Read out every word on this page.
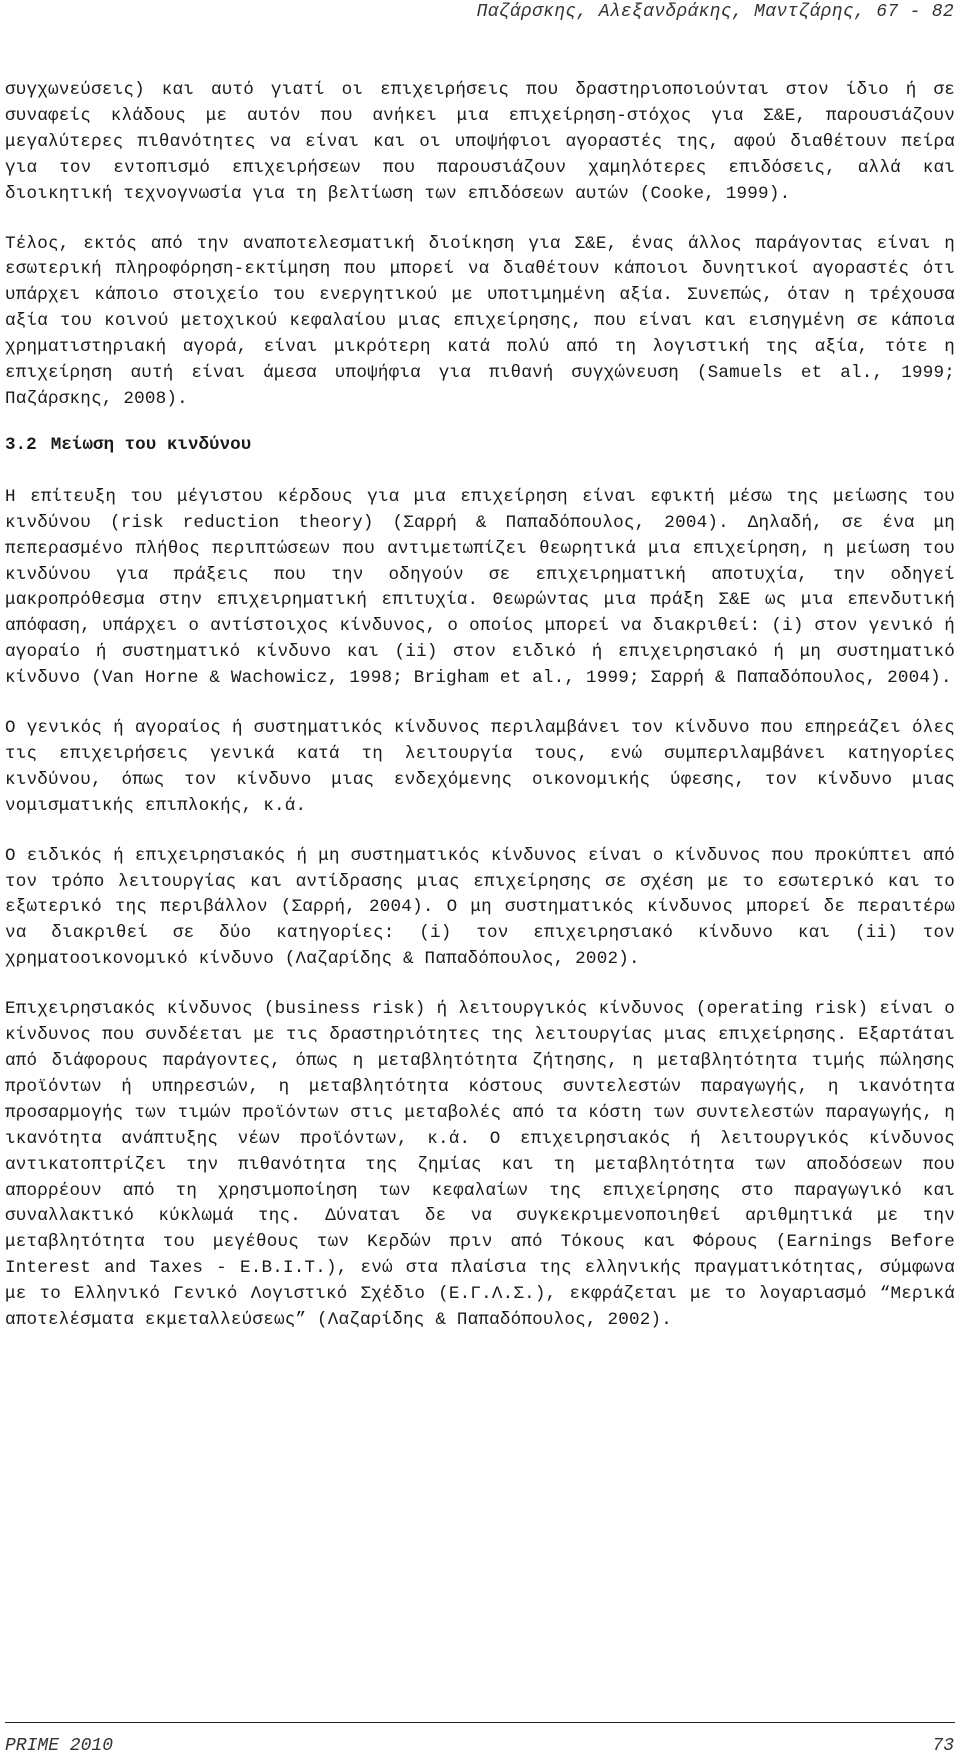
Παζάρσκης, Αλεξανδράκης, Μαντζάρης, 67 - 82

συγχωνεύσεις) και αυτό γιατί οι επιχειρήσεις που δραστηριοποιούνται στον ίδιο ή σε συναφείς κλάδους με αυτόν που ανήκει μια επιχείρηση-στόχος για Σ&Ε, παρουσιάζουν μεγαλύτερες πιθανότητες να είναι και οι υποψήφιοι αγοραστές της, αφού διαθέτουν πείρα για τον εντοπισμό επιχειρήσεων που παρουσιάζουν χαμηλότερες επιδόσεις, αλλά και διοικητική τεχνογνωσία για τη βελτίωση των επιδόσεων αυτών (Cooke, 1999).

Τέλος, εκτός από την αναποτελεσματική διοίκηση για Σ&Ε, ένας άλλος παράγοντας είναι η εσωτερική πληροφόρηση-εκτίμηση που μπορεί να διαθέτουν κάποιοι δυνητικοί αγοραστές ότι υπάρχει κάποιο στοιχείο του ενεργητικού με υποτιμημένη αξία. Συνεπώς, όταν η τρέχουσα αξία του κοινού μετοχικού κεφαλαίου μιας επιχείρησης, που είναι και εισηγμένη σε κάποια χρηματιστηριακή αγορά, είναι μικρότερη κατά πολύ από τη λογιστική της αξία, τότε η επιχείρηση αυτή είναι άμεσα υποψήφια για πιθανή συγχώνευση (Samuels et al., 1999; Παζάρσκης, 2008).

3.2 Μείωση του κινδύνου

Η επίτευξη του μέγιστου κέρδους για μια επιχείρηση είναι εφικτή μέσω της μείωσης του κινδύνου (risk reduction theory) (Σαρρή & Παπαδόπουλος, 2004). Δηλαδή, σε ένα μη πεπερασμένο πλήθος περιπτώσεων που αντιμετωπίζει θεωρητικά μια επιχείρηση, η μείωση του κινδύνου για πράξεις που την οδηγούν σε επιχειρηματική αποτυχία, την οδηγεί μακροπρόθεσμα στην επιχειρηματική επιτυχία. Θεωρώντας μια πράξη Σ&Ε ως μια επενδυτική απόφαση, υπάρχει ο αντίστοιχος κίνδυνος, ο οποίος μπορεί να διακριθεί: (i) στον γενικό ή αγοραίο ή συστηματικό κίνδυνο και (ii) στον ειδικό ή επιχειρησιακό ή μη συστηματικό κίνδυνο (Van Horne & Wachowicz, 1998; Brigham et al., 1999; Σαρρή & Παπαδόπουλος, 2004).

Ο γενικός ή αγοραίος ή συστηματικός κίνδυνος περιλαμβάνει τον κίνδυνο που επηρεάζει όλες τις επιχειρήσεις γενικά κατά τη λειτουργία τους, ενώ συμπεριλαμβάνει κατηγορίες κινδύνου, όπως τον κίνδυνο μιας ενδεχόμενης οικονομικής ύφεσης, τον κίνδυνο μιας νομισματικής επιπλοκής, κ.ά.

Ο ειδικός ή επιχειρησιακός ή μη συστηματικός κίνδυνος είναι ο κίνδυνος που προκύπτει από τον τρόπο λειτουργίας και αντίδρασης μιας επιχείρησης σε σχέση με το εσωτερικό και το εξωτερικό της περιβάλλον (Σαρρή, 2004). Ο μη συστηματικός κίνδυνος μπορεί δε περαιτέρω να διακριθεί σε δύο κατηγορίες: (i) τον επιχειρησιακό κίνδυνο και (ii) τον χρηματοοικονομικό κίνδυνο (Λαζαρίδης & Παπαδόπουλος, 2002).

Επιχειρησιακός κίνδυνος (business risk) ή λειτουργικός κίνδυνος (operating risk) είναι ο κίνδυνος που συνδέεται με τις δραστηριότητες της λειτουργίας μιας επιχείρησης. Εξαρτάται από διάφορους παράγοντες, όπως η μεταβλητότητα ζήτησης, η μεταβλητότητα τιμής πώλησης προϊόντων ή υπηρεσιών, η μεταβλητότητα κόστους συντελεστών παραγωγής, η ικανότητα προσαρμογής των τιμών προϊόντων στις μεταβολές από τα κόστη των συντελεστών παραγωγής, η ικανότητα ανάπτυξης νέων προϊόντων, κ.ά. Ο επιχειρησιακός ή λειτουργικός κίνδυνος αντικατοπτρίζει την πιθανότητα της ζημίας και τη μεταβλητότητα των αποδόσεων που απορρέουν από τη χρησιμοποίηση των κεφαλαίων της επιχείρησης στο παραγωγικό και συναλλακτικό κύκλωμά της. Δύναται δε να συγκεκριμενοποιηθεί αριθμητικά με την μεταβλητότητα του μεγέθους των Κερδών πριν από Τόκους και Φόρους (Earnings Before Interest and Taxes - Ε.Β.Ι.Τ.), ενώ στα πλαίσια της ελληνικής πραγματικότητας, σύμφωνα με το Ελληνικό Γενικό Λογιστικό Σχέδιο (Ε.Γ.Λ.Σ.), εκφράζεται με το λογαριασμό “Μερικά αποτελέσματα εκμεταλλεύσεως” (Λαζαρίδης & Παπαδόπουλος, 2002).

PRIME 2010	73
